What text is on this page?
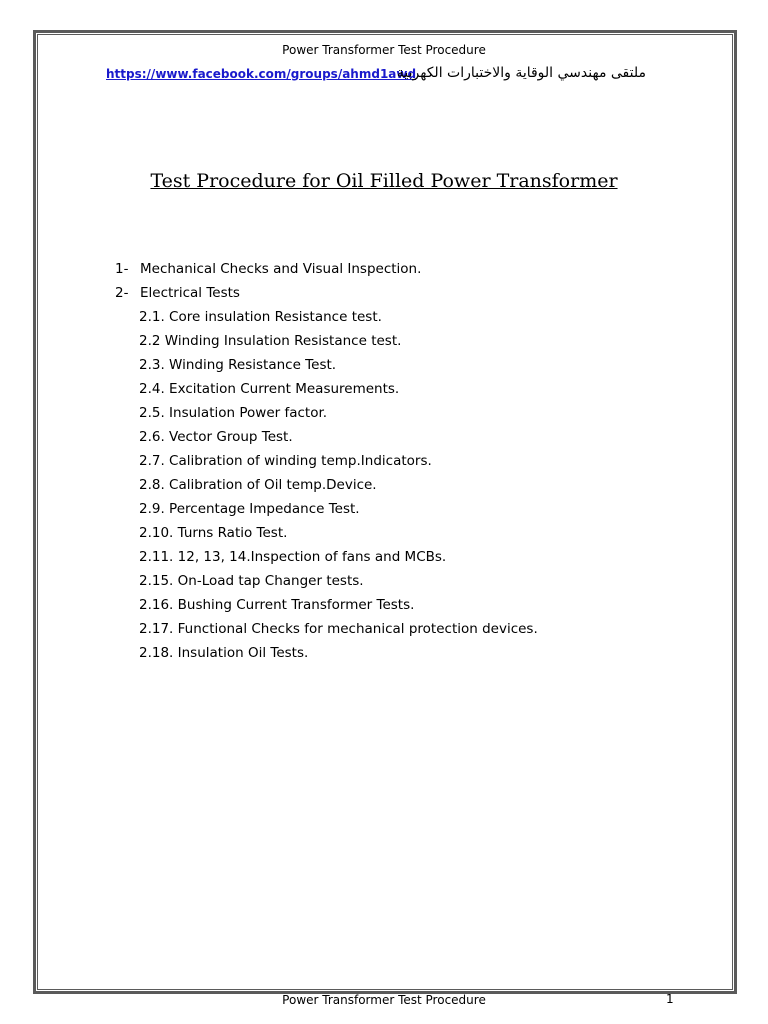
Power Transformer Test Procedure
https://www.facebook.com/groups/ahmd1awd
ملتقى مهندسي الوقاية والاختبارات الكهربية
Test Procedure for Oil Filled Power Transformer
1- Mechanical Checks and Visual Inspection.
2- Electrical Tests
2.1. Core insulation Resistance test.
2.2 Winding Insulation Resistance test.
2.3. Winding Resistance Test.
2.4. Excitation Current Measurements.
2.5. Insulation Power factor.
2.6. Vector Group Test.
2.7. Calibration of winding temp.Indicators.
2.8. Calibration of Oil temp.Device.
2.9. Percentage Impedance Test.
2.10. Turns Ratio Test.
2.11. 12, 13, 14.Inspection of fans and MCBs.
2.15. On-Load tap Changer tests.
2.16. Bushing Current Transformer Tests.
2.17. Functional Checks for mechanical protection devices.
2.18. Insulation Oil Tests.
Power Transformer Test Procedure	1
